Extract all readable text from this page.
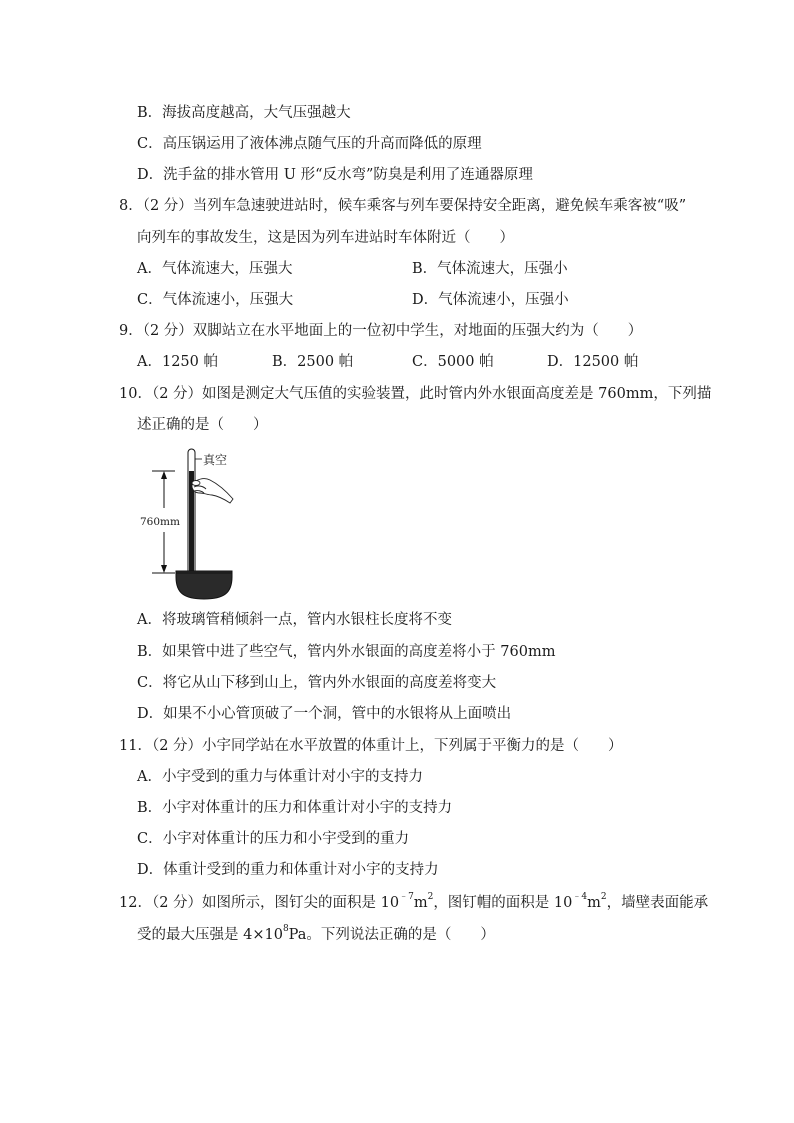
B．海拔高度越高，大气压强越大
C．高压锅运用了液体沸点随气压的升高而降低的原理
D．洗手盆的排水管用 U 形“反水弯”防臭是利用了连通器原理
8．（2 分）当列车急速驶进站时，候车乘客与列车要保持安全距离，避免候车乘客被“吸”
向列车的事故发生，这是因为列车进站时车体附近（　　）
A．气体流速大，压强大	B．气体流速大，压强小
C．气体流速小，压强大	D．气体流速小，压强小
9．（2 分）双脚站立在水平地面上的一位初中学生，对地面的压强大约为（　　）
A．1250 帕	B．2500 帕	C．5000 帕	D．12500 帕
10．（2 分）如图是测定大气压值的实验装置，此时管内外水银面高度差是 760mm，下列描
述正确的是（　　）
760mm
真空
A．将玻璃管稍倾斜一点，管内水银柱长度将不变
B．如果管中进了些空气，管内外水银面的高度差将小于 760mm
C．将它从山下移到山上，管内外水银面的高度差将变大
D．如果不小心管顶破了一个洞，管中的水银将从上面喷出
11．（2 分）小宇同学站在水平放置的体重计上，下列属于平衡力的是（　　）
A．小宇受到的重力与体重计对小宇的支持力
B．小宇对体重计的压力和体重计对小宇的支持力
C．小宇对体重计的压力和小宇受到的重力
D．体重计受到的重力和体重计对小宇的支持力
12．（2 分）如图所示，图钉尖的面积是 $10^{﹣7}m^2$，图钉帽的面积是 $10^{﹣4}m^2$，墙壁表面能承
受的最大压强是 $4\times 10^8Pa$。下列说法正确的是（　　）
